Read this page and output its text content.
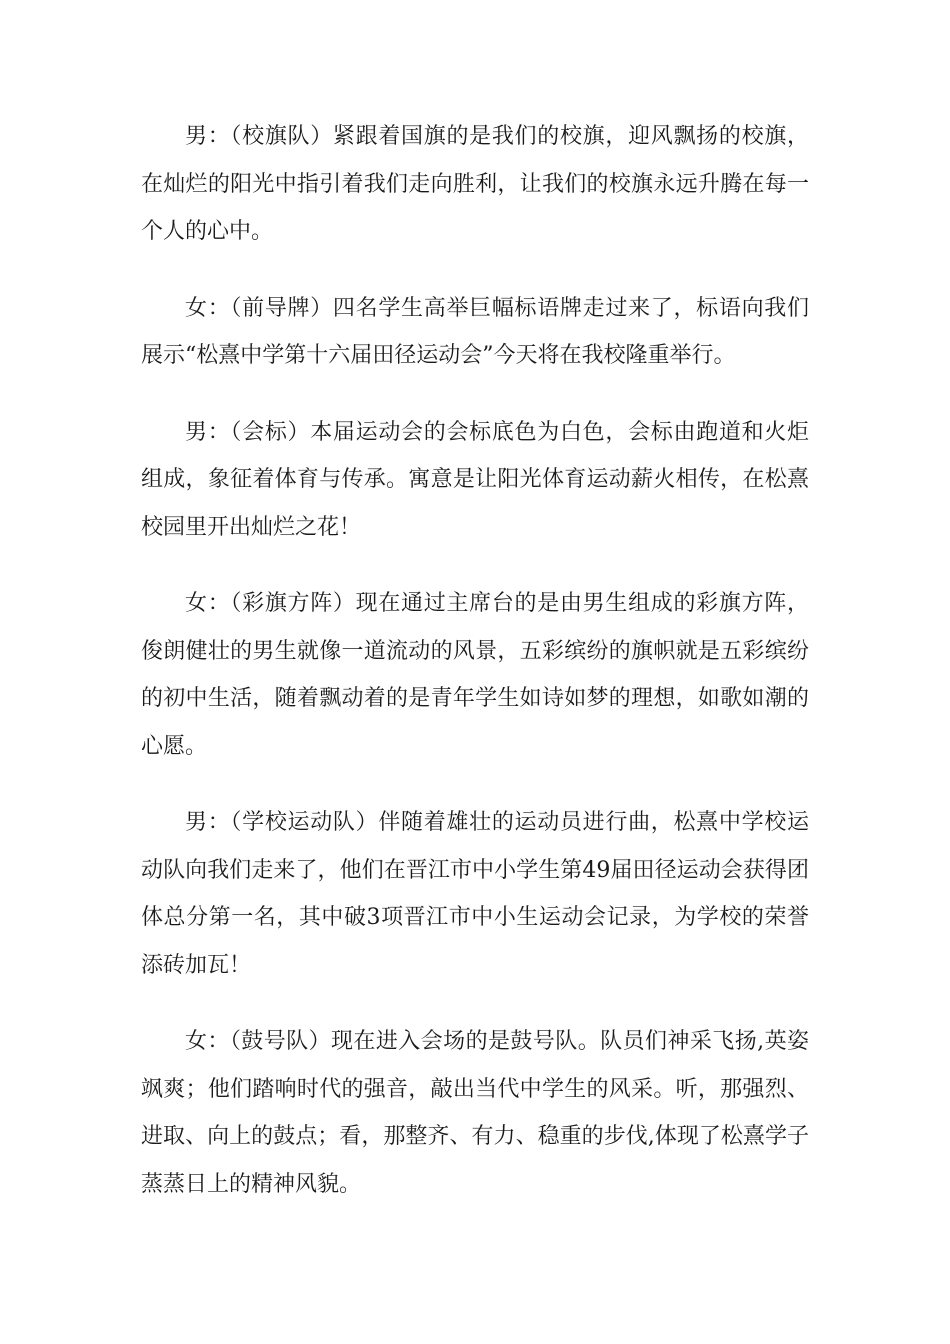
男：（校旗队）紧跟着国旗的是我们的校旗，迎风飘扬的校旗，在灿烂的阳光中指引着我们走向胜利，让我们的校旗永远升腾在每一个人的心中。

女：（前导牌）四名学生高举巨幅标语牌走过来了，标语向我们展示“松熹中学第十六届田径运动会”今天将在我校隆重举行。

男：（会标）本届运动会的会标底色为白色，会标由跑道和火炬组成，象征着体育与传承。寓意是让阳光体育运动薪火相传，在松熹校园里开出灿烂之花！

女：（彩旗方阵）现在通过主席台的是由男生组成的彩旗方阵，俊朗健壮的男生就像一道流动的风景，五彩缤纷的旗帜就是五彩缤纷的初中生活，随着飘动着的是青年学生如诗如梦的理想，如歌如潮的心愿。

男：（学校运动队）伴随着雄壮的运动员进行曲，松熹中学校运动队向我们走来了，他们在晋江市中小学生第49届田径运动会获得团体总分第一名，其中破3项晋江市中小生运动会记录，为学校的荣誉添砖加瓦！

女：（鼓号队）现在进入会场的是鼓号队。队员们神采飞扬,英姿飒爽；他们踏响时代的强音，敲出当代中学生的风采。听，那强烈、进取、向上的鼓点；看，那整齐、有力、稳重的步伐,体现了松熹学子蒸蒸日上的精神风貌。
